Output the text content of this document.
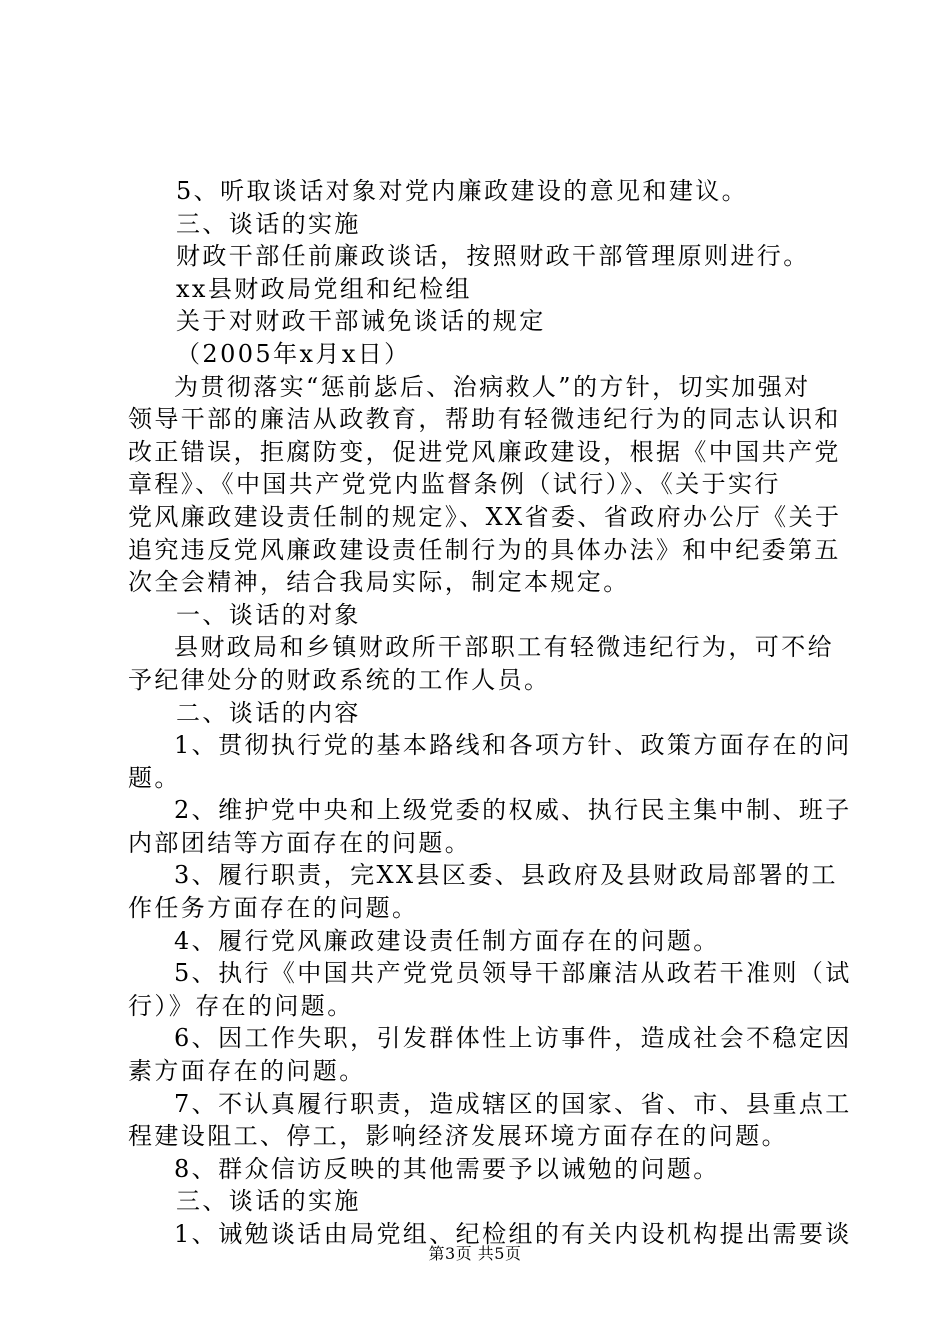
5、听取谈话对象对党内廉政建设的意见和建议。
三、谈话的实施
财政干部任前廉政谈话，按照财政干部管理原则进行。
xx县财政局党组和纪检组
关于对财政干部诫免谈话的规定
（2005年x月x日）
为贯彻落实“惩前毖后、治病救人”的方针，切实加强对
领导干部的廉洁从政教育，帮助有轻微违纪行为的同志认识和
改正错误，拒腐防变，促进党风廉政建设，根据《中国共产党
章程》、《中国共产党党内监督条例（试行）》、《关于实行
党风廉政建设责任制的规定》、XX省委、省政府办公厅《关于
追究违反党风廉政建设责任制行为的具体办法》和中纪委第五
次全会精神，结合我局实际，制定本规定。
一、谈话的对象
县财政局和乡镇财政所干部职工有轻微违纪行为，可不给
予纪律处分的财政系统的工作人员。
二、谈话的内容
1、贯彻执行党的基本路线和各项方针、政策方面存在的问
题。
2、维护党中央和上级党委的权威、执行民主集中制、班子
内部团结等方面存在的问题。
3、履行职责，完XX县区委、县政府及县财政局部署的工
作任务方面存在的问题。
4、履行党风廉政建设责任制方面存在的问题。
5、执行《中国共产党党员领导干部廉洁从政若干准则（试
行）》存在的问题。
6、因工作失职，引发群体性上访事件，造成社会不稳定因
素方面存在的问题。
7、不认真履行职责，造成辖区的国家、省、市、县重点工
程建设阻工、停工，影响经济发展环境方面存在的问题。
8、群众信访反映的其他需要予以诫勉的问题。
三、谈话的实施
1、诫勉谈话由局党组、纪检组的有关内设机构提出需要谈
第3页 共5页
